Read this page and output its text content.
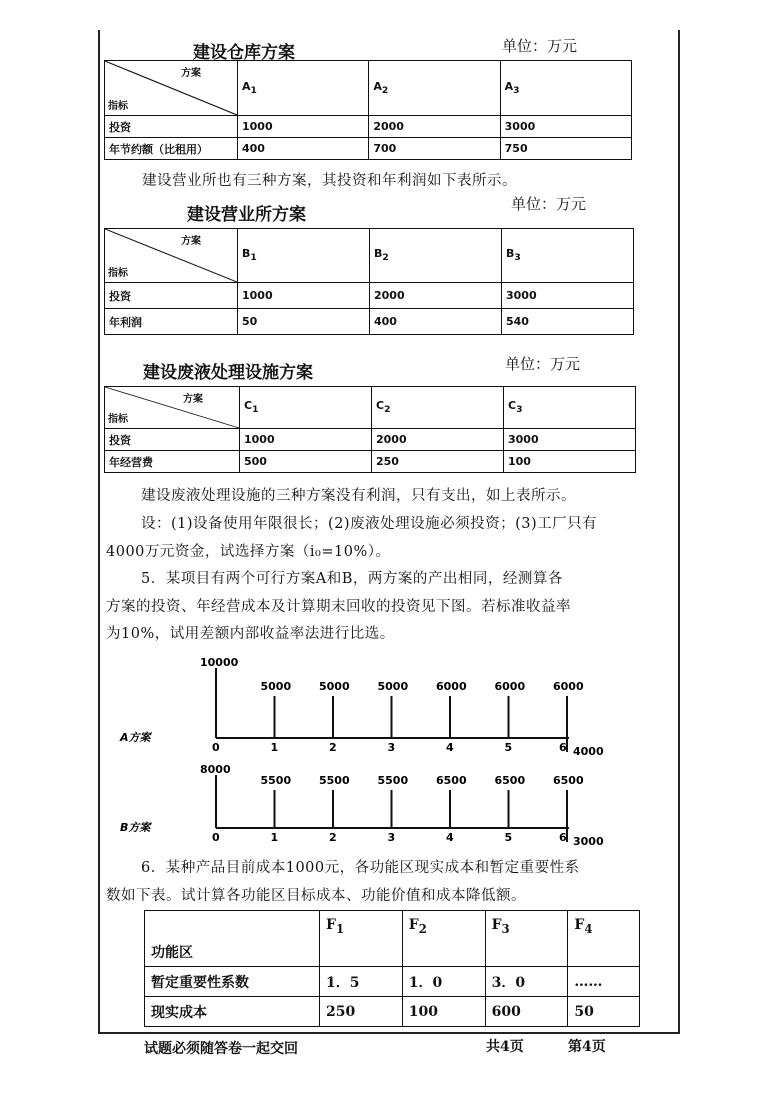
建设仓库方案	单位：万元
方案
指标	$A_1$	$A_2$	$A_3$
投资	1000	2000	3000
年节约额（比租用）	400	700	750
建设营业所也有三种方案，其投资和年利润如下表所示。
建设营业所方案
单位：万元
方案
指标	$B_1$	$B_2$	$B_3$
投资	1000	2000	3000
年利润	50	400	540
建设废液处理设施方案	单位：万元
方案
指标	$C_1$	$C_2$	$C_3$
投资	1000	2000	3000
年经营费	500	250	100
建设废液处理设施的三种方案没有利润，只有支出，如上表所示。
设：(1)设备使用年限很长；(2)废液处理设施必须投资；(3)工厂只有
4000万元资金，试选择方案（i₀=10%）。
5．某项目有两个可行方案A和B，两方案的产出相同，经测算各
方案的投资、年经营成本及计算期末回收的投资见下图。若标准收益率
为10%，试用差额内部收益率法进行比选。
A方案
10000
5000	5000	5000	6000	6000	6000
0	1	2	3	4	5	6 4000
B方案
8000
5500	5500	5500	6500	6500	6500
0	1	2	3	4	5	6 3000
6．某种产品目前成本1000元，各功能区现实成本和暂定重要性系
数如下表。试计算各功能区目标成本、功能价值和成本降低额。
功能区	$F_1$	$F_2$	$F_3$	$F_4$
暂定重要性系数	1．5	1．0	3．0	……
现实成本	250	100	600	50
试题必须随答卷一起交回	共4页	第4页
